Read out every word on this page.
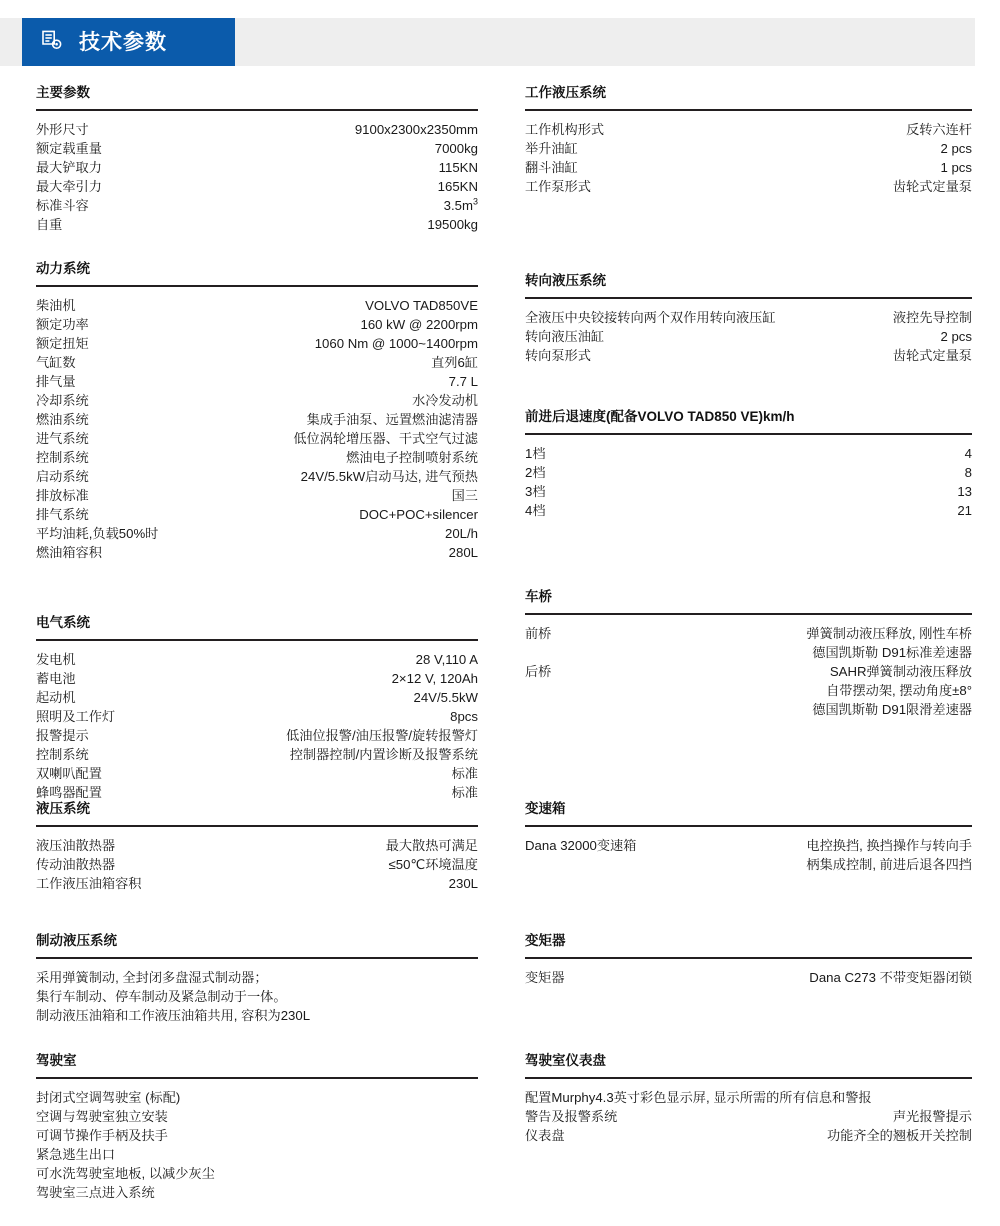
技术参数
主要参数
外形尺寸	9100x2300x2350mm
额定载重量	7000kg
最大铲取力	115KN
最大牵引力	165KN
标准斗容	$3.5m^3$
自重	19500kg
动力系统
柴油机	VOLVO TAD850VE
额定功率	160 kW @ 2200rpm
额定扭矩	1060 Nm @ 1000~1400rpm
气缸数	直列6缸
排气量	7.7 L
冷却系统	水冷发动机
燃油系统	集成手油泵、远置燃油滤清器
进气系统	低位涡轮增压器、干式空气过滤
控制系统	燃油电子控制喷射系统
启动系统	24V/5.5kW启动马达, 进气预热
排放标准	国三
排气系统	DOC+POC+silencer
平均油耗,负载50%时	20L/h
燃油箱容积	280L
电气系统
发电机	28 V,110 A
蓄电池	2×12 V, 120Ah
起动机	24V/5.5kW
照明及工作灯	8pcs
报警提示	低油位报警/油压报警/旋转报警灯
控制系统	控制器控制/内置诊断及报警系统
双喇叭配置	标准
蜂鸣器配置	标准
液压系统
液压油散热器	最大散热可满足
传动油散热器	≤50℃环境温度
工作液压油箱容积	230L
制动液压系统
采用弹簧制动, 全封闭多盘湿式制动器；
集行车制动、停车制动及紧急制动于一体。
制动液压油箱和工作液压油箱共用, 容积为230L
驾驶室
封闭式空调驾驶室 (标配)
空调与驾驶室独立安装
可调节操作手柄及扶手
紧急逃生出口
可水洗驾驶室地板, 以减少灰尘
驾驶室三点进入系统
工作液压系统
工作机构形式	反转六连杆
举升油缸	2 pcs
翻斗油缸	1 pcs
工作泵形式	齿轮式定量泵
转向液压系统
全液压中央铰接转向两个双作用转向液压缸	液控先导控制
转向液压油缸	2 pcs
转向泵形式	齿轮式定量泵
前进后退速度(配备VOLVO TAD850 VE)km/h
1档	4
2档	8
3档	13
4档	21
车桥
前桥	弹簧制动液压释放, 刚性车桥
德国凯斯勒 D91标准差速器
后桥	SAHR弹簧制动液压释放
自带摆动架, 摆动角度±8°
德国凯斯勒 D91限滑差速器
变速箱
Dana 32000变速箱	电控换挡, 换挡操作与转向手
柄集成控制, 前进后退各四挡
变矩器
变矩器	Dana C273 不带变矩器闭锁
驾驶室仪表盘
配置Murphy4.3英寸彩色显示屏, 显示所需的所有信息和警报
警告及报警系统	声光报警提示
仪表盘	功能齐全的翘板开关控制
